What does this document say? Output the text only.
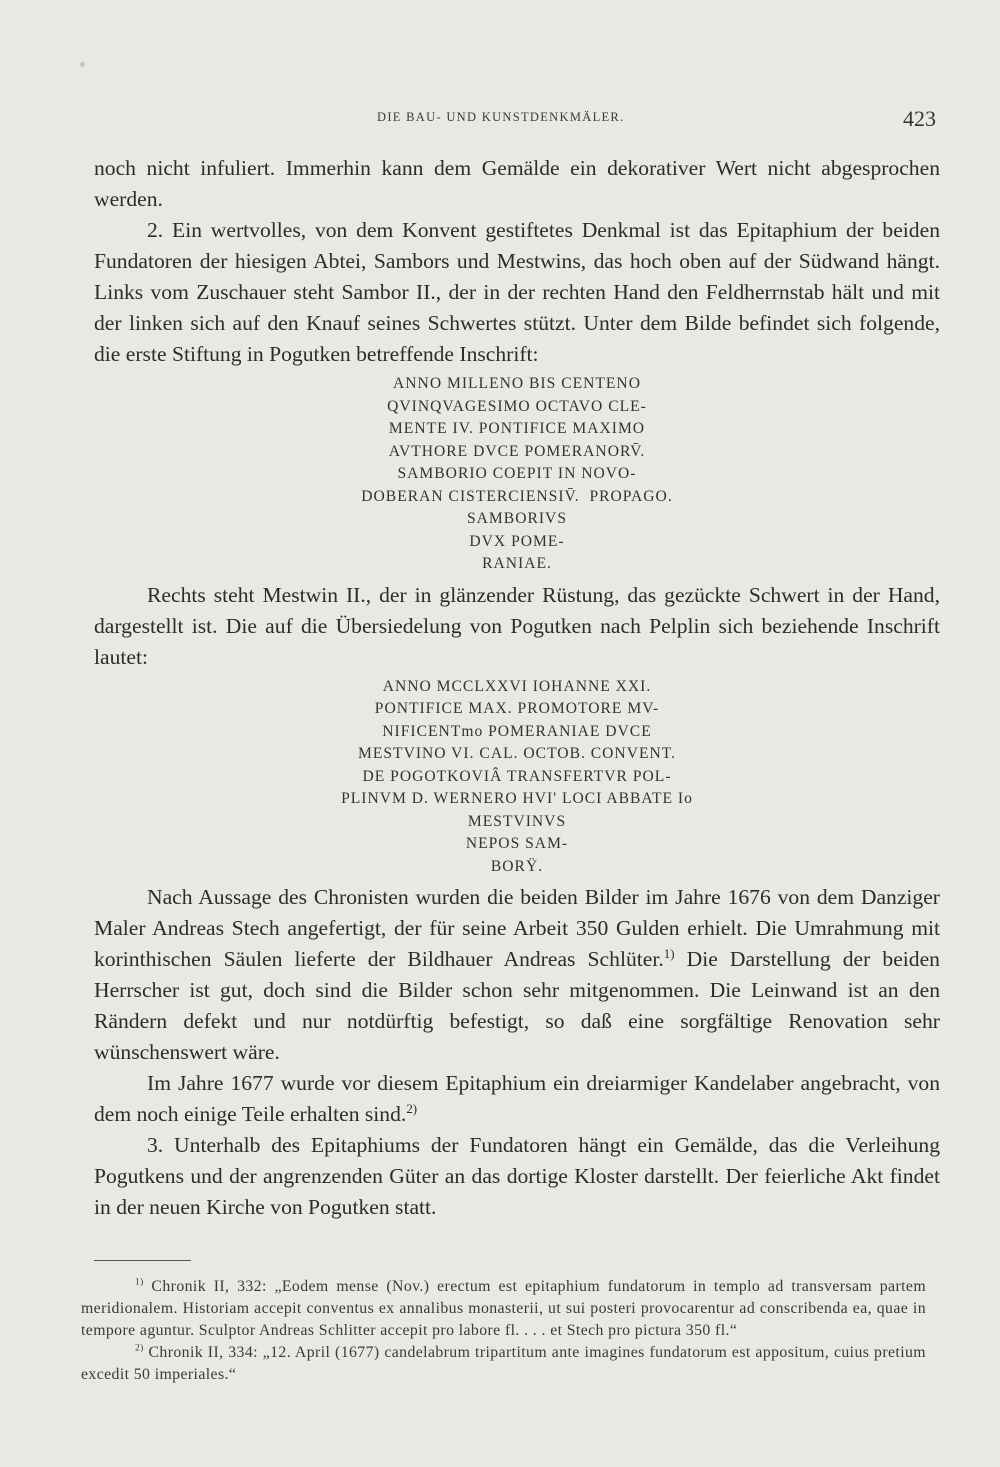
DIE BAU- UND KUNSTDENKMÄLER.	423

noch nicht infuliert. Immerhin kann dem Gemälde ein dekorativer Wert nicht abgesprochen werden.

2. Ein wertvolles, von dem Konvent gestiftetes Denkmal ist das Epitaphium der beiden Fundatoren der hiesigen Abtei, Sambors und Mestwins, das hoch oben auf der Südwand hängt. Links vom Zuschauer steht Sambor II., der in der rechten Hand den Feldherrnstab hält und mit der linken sich auf den Knauf seines Schwertes stützt. Unter dem Bilde befindet sich folgende, die erste Stiftung in Pogutken betreffende Inschrift:

ANNO MILLENO BIS CENTENO
QVINQVAGESIMO OCTAVO CLE-
MENTE IV. PONTIFICE MAXIMO
AVTHORE DVCE POMERANORV̄.
SAMBORIO COEPIT IN NOVO-
DOBERAN CISTERCIENSIV̄.  PROPAGO.
SAMBORIVS
DVX POME-
RANIAE.

Rechts steht Mestwin II., der in glänzender Rüstung, das gezückte Schwert in der Hand, dargestellt ist. Die auf die Übersiedelung von Pogutken nach Pelplin sich beziehende Inschrift lautet:

ANNO MCCLXXVI IOHANNE XXI.
PONTIFICE MAX. PROMOTORE MV-
NIFICENTmo POMERANIAE DVCE
MESTVINO VI. CAL. OCTOB. CONVENT.
DE POGOTKOVIÂ TRANSFERTVR POL-
PLINVM D. WERNERO HVI' LOCI ABBATE Io
MESTVINVS
NEPOS SAM-
BORŸ.

Nach Aussage des Chronisten wurden die beiden Bilder im Jahre 1676 von dem Danziger Maler Andreas Stech angefertigt, der für seine Arbeit 350 Gulden erhielt. Die Umrahmung mit korinthischen Säulen lieferte der Bildhauer Andreas Schlüter.$^{1)}$ Die Darstellung der beiden Herrscher ist gut, doch sind die Bilder schon sehr mitgenommen. Die Leinwand ist an den Rändern defekt und nur notdürftig befestigt, so daß eine sorgfältige Renovation sehr wünschenswert wäre.

Im Jahre 1677 wurde vor diesem Epitaphium ein dreiarmiger Kandelaber angebracht, von dem noch einige Teile erhalten sind.$^{2)}$

3. Unterhalb des Epitaphiums der Fundatoren hängt ein Gemälde, das die Verleihung Pogutkens und der angrenzenden Güter an das dortige Kloster darstellt. Der feierliche Akt findet in der neuen Kirche von Pogutken statt.

$^{1)}$ Chronik II, 332: „Eodem mense (Nov.) erectum est epitaphium fundatorum in templo ad transversam partem meridionalem. Historiam accepit conventus ex annalibus monasterii, ut sui posteri provocarentur ad conscribenda ea, quae in tempore aguntur. Sculptor Andreas Schlitter accepit pro labore fl. . . . et Stech pro pictura 350 fl.“

$^{2)}$ Chronik II, 334: „12. April (1677) candelabrum tripartitum ante imagines fundatorum est appositum, cuius pretium excedit 50 imperiales.“
